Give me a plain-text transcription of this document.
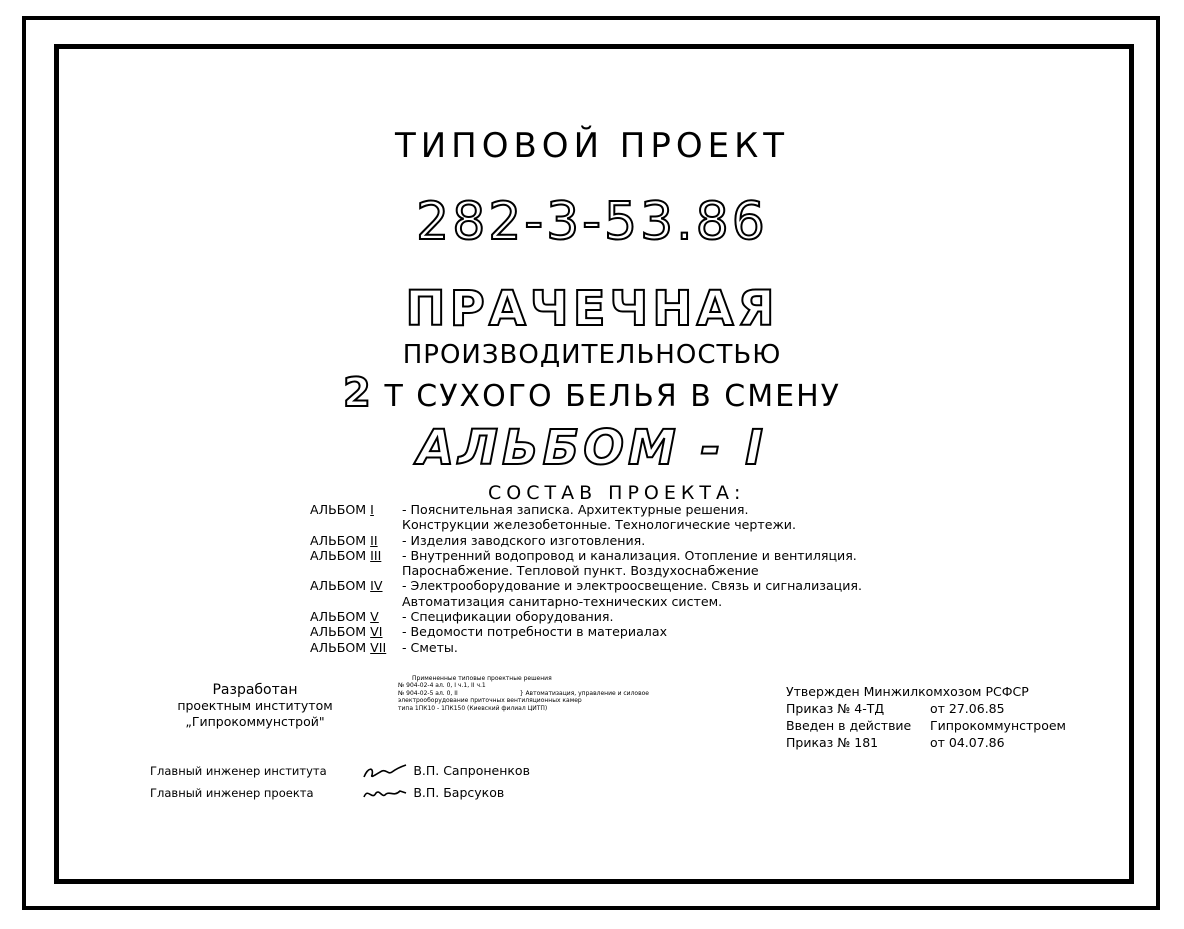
ТИПОВОЙ ПРОЕКТ
282-3-53.86
ПРАЧЕЧНАЯ
ПРОИЗВОДИТЕЛЬНОСТЬЮ
2 Т СУХОГО БЕЛЬЯ В СМЕНУ
АЛЬБОМ - I
СОСТАВ ПРОЕКТА:
АЛЬБОМ I - Пояснительная записка. Архитектурные решения.
Конструкции железобетонные. Технологические чертежи.
АЛЬБОМ II - Изделия заводского изготовления.
АЛЬБОМ III - Внутренний водопровод и канализация. Отопление и вентиляция.
Пароснабжение. Тепловой пункт. Воздухоснабжение
АЛЬБОМ IV - Электрооборудование и электроосвещение. Связь и сигнализация.
Автоматизация санитарно-технических систем.
АЛЬБОМ V - Спецификации оборудования.
АЛЬБОМ VI - Ведомости потребности в материалах
АЛЬБОМ VII - Сметы.
Разработан
проектным институтом
„Гипрокоммунстрой"
Примененные типовые проектные решения
№ 904-02-4 ал. 0, I ч.1, II ч.1
№ 904-02-5 ал. 0, II	} Автоматизация, управление и силовое
электрооборудование приточных вентиляционных камер
типа 1ПК10 - 1ПК150 (Киевский филиал ЦИТП)
Главный инженер института	В.П. Сапроненков
Главный инженер проекта	В.П. Барсуков
Утвержден Минжилкомхозом РСФСР
Приказ № 4-ТД	от 27.06.85
Введен в действие Гипрокоммунстроем
Приказ № 181	от 04.07.86
